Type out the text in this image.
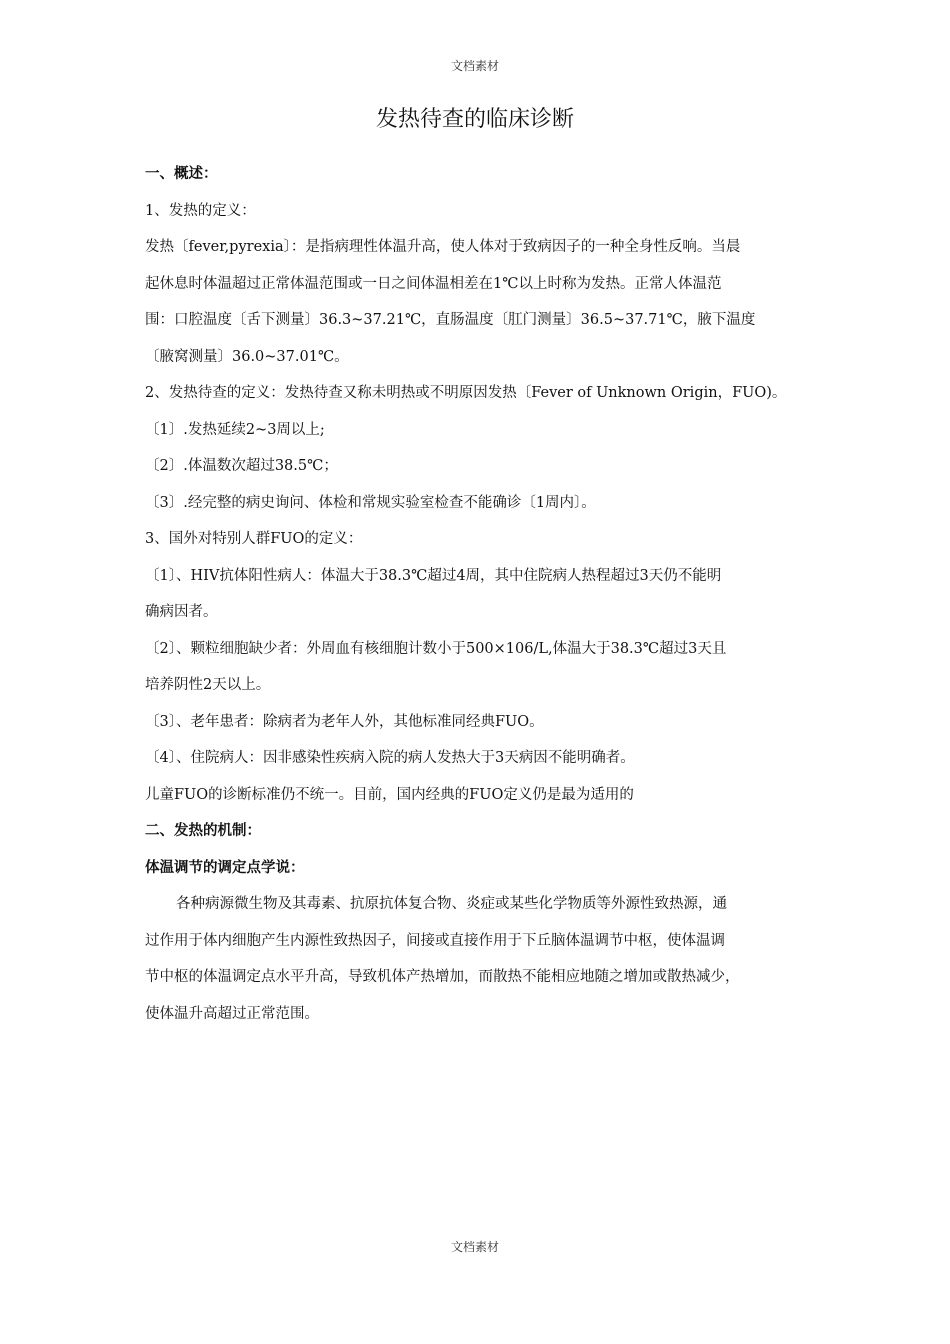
文档素材
发热待查的临床诊断
一、概述：
1、发热的定义：
发热〔fever,pyrexia〕：是指病理性体温升高，使人体对于致病因子的一种全身性反响。当晨
起休息时体温超过正常体温范围或一日之间体温相差在1℃以上时称为发热。正常人体温范
围：口腔温度〔舌下测量〕36.3~37.21℃，直肠温度〔肛门测量〕36.5~37.71℃，腋下温度
〔腋窝测量〕36.0~37.01℃。
2、发热待查的定义：发热待查又称未明热或不明原因发热〔Fever of Unknown Origin，FUO)。
〔1〕.发热延续2~3周以上;
〔2〕.体温数次超过38.5℃；
〔3〕.经完整的病史询问、体检和常规实验室检查不能确诊〔1周内〕。
3、国外对特别人群FUO的定义：
〔1〕、HIV抗体阳性病人：体温大于38.3℃超过4周，其中住院病人热程超过3天仍不能明
确病因者。
〔2〕、颗粒细胞缺少者：外周血有核细胞计数小于500×106/L,体温大于38.3℃超过3天且
培养阴性2天以上。
〔3〕、老年患者：除病者为老年人外，其他标准同经典FUO。
〔4〕、住院病人：因非感染性疾病入院的病人发热大于3天病因不能明确者。
儿童FUO的诊断标准仍不统一。目前，国内经典的FUO定义仍是最为适用的
二、发热的机制：
体温调节的调定点学说：
各种病源微生物及其毒素、抗原抗体复合物、炎症或某些化学物质等外源性致热源，通
过作用于体内细胞产生内源性致热因子，间接或直接作用于下丘脑体温调节中枢，使体温调
节中枢的体温调定点水平升高，导致机体产热增加，而散热不能相应地随之增加或散热减少，
使体温升高超过正常范围。
文档素材
